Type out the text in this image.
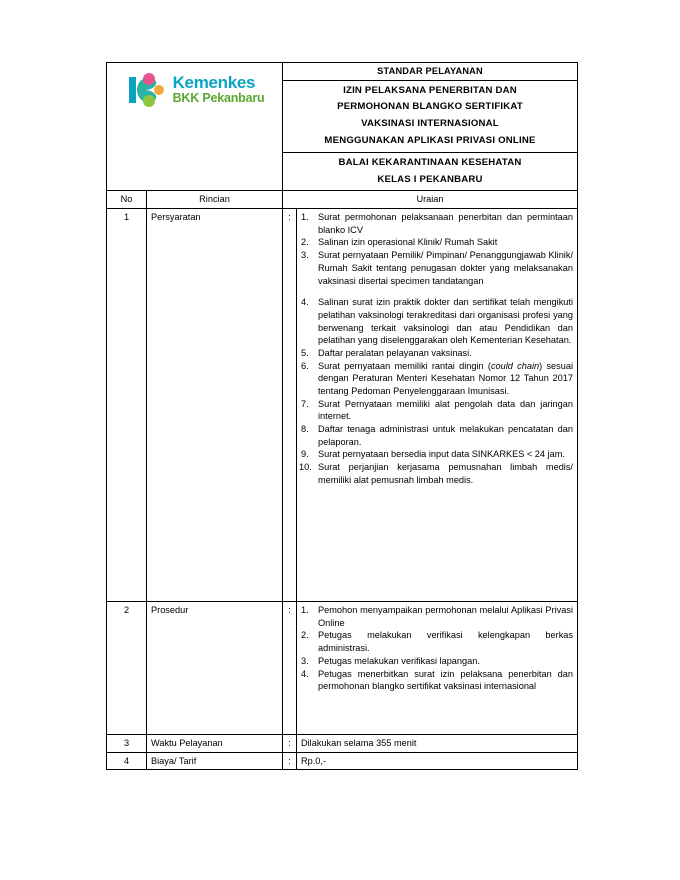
Kemenkes
BKK Pekanbaru		STANDAR PELAYANAN	

		IZIN PELAKSANA PENERBITAN DAN
PERMOHONAN BLANGKO SERTIFIKAT
VAKSINASI INTERNASIONAL
MENGGUNAKAN APLIKASI PRIVASI ONLINE	

		BALAI KEKARANTINAAN KESEHATAN
KELAS I PEKANBARU	

No	Rincian	Uraian	
1	Persyaratan	:	Surat permohonan pelaksanaan penerbitan dan permintaan blanko ICV
Salinan izin operasional Klinik/ Rumah Sakit
Surat pernyataan Pemilik/ Pimpinan/ Penanggungjawab Klinik/ Rumah Sakit tentang penugasan dokter yang melaksanakan vaksinasi disertai specimen tandatangan
Salinan surat izin praktik dokter dan sertifikat telah mengikuti pelatihan vaksinologi terakreditasi dari organisasi profesi yang berwenang terkait vaksinologi dan atau Pendidikan dan pelatihan yang diselenggarakan oleh Kementerian Kesehatan.
Daftar peralatan pelayanan vaksinasi.
Surat pernyataan memiliki rantai dingin (could chain) sesuai dengan Peraturan Menteri Kesehatan Nomor 12 Tahun 2017 tentang Pedoman Penyelenggaraan Imunisasi.
Surat Pernyataan memiliki alat pengolah data dan jaringan internet.
Daftar tenaga administrasi untuk melakukan pencatatan dan pelaporan.
Surat pernyataan bersedia input data SINKARKES < 24 jam.
Surat perjanjian kerjasama pemusnahan limbah medis/ memiliki alat pemusnah limbah medis.

2	Prosedur	:	Pemohon menyampaikan permohonan melalui Aplikasi Privasi Online
Petugas melakukan verifikasi kelengkapan berkas administrasi.
Petugas melakukan verifikasi lapangan.
Petugas menerbitkan surat izin pelaksana penerbitan dan permohonan blangko sertifikat vaksinasi internasional

3	Waktu Pelayanan	:	Dilakukan selama 355 menit
4	Biaya/ Tarif	:	Rp.0,-
